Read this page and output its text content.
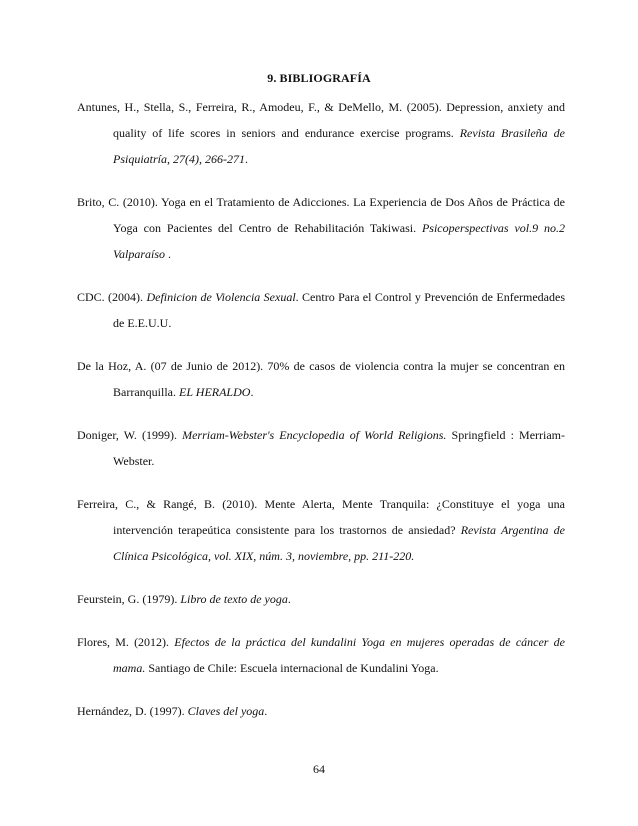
9. BIBLIOGRAFÍA

Antunes, H., Stella, S., Ferreira, R., Amodeu, F., & DeMello, M. (2005). Depression, anxiety and quality of life scores in seniors and endurance exercise programs. Revista Brasileña de Psiquiatría, 27(4), 266-271.

Brito, C. (2010). Yoga en el Tratamiento de Adicciones. La Experiencia de Dos Años de Práctica de Yoga con Pacientes del Centro de Rehabilitación Takiwasi. Psicoperspectivas vol.9 no.2 Valparaíso .

CDC. (2004). Definicion de Violencia Sexual. Centro Para el Control y Prevención de Enfermedades de E.E.U.U.

De la Hoz, A. (07 de Junio de 2012). 70% de casos de violencia contra la mujer se concentran en Barranquilla. EL HERALDO.

Doniger, W. (1999). Merriam-Webster's Encyclopedia of World Religions. Springfield : Merriam-Webster.

Ferreira, C., & Rangé, B. (2010). Mente Alerta, Mente Tranquila: ¿Constituye el yoga una intervención terapeútica consistente para los trastornos de ansiedad? Revista Argentina de Clínica Psicológica, vol. XIX, núm. 3, noviembre, pp. 211-220.

Feurstein, G. (1979). Libro de texto de yoga.

Flores, M. (2012). Efectos de la práctica del kundalini Yoga en mujeres operadas de cáncer de mama. Santiago de Chile: Escuela internacional de Kundalini Yoga.

Hernández, D. (1997). Claves del yoga.

64
